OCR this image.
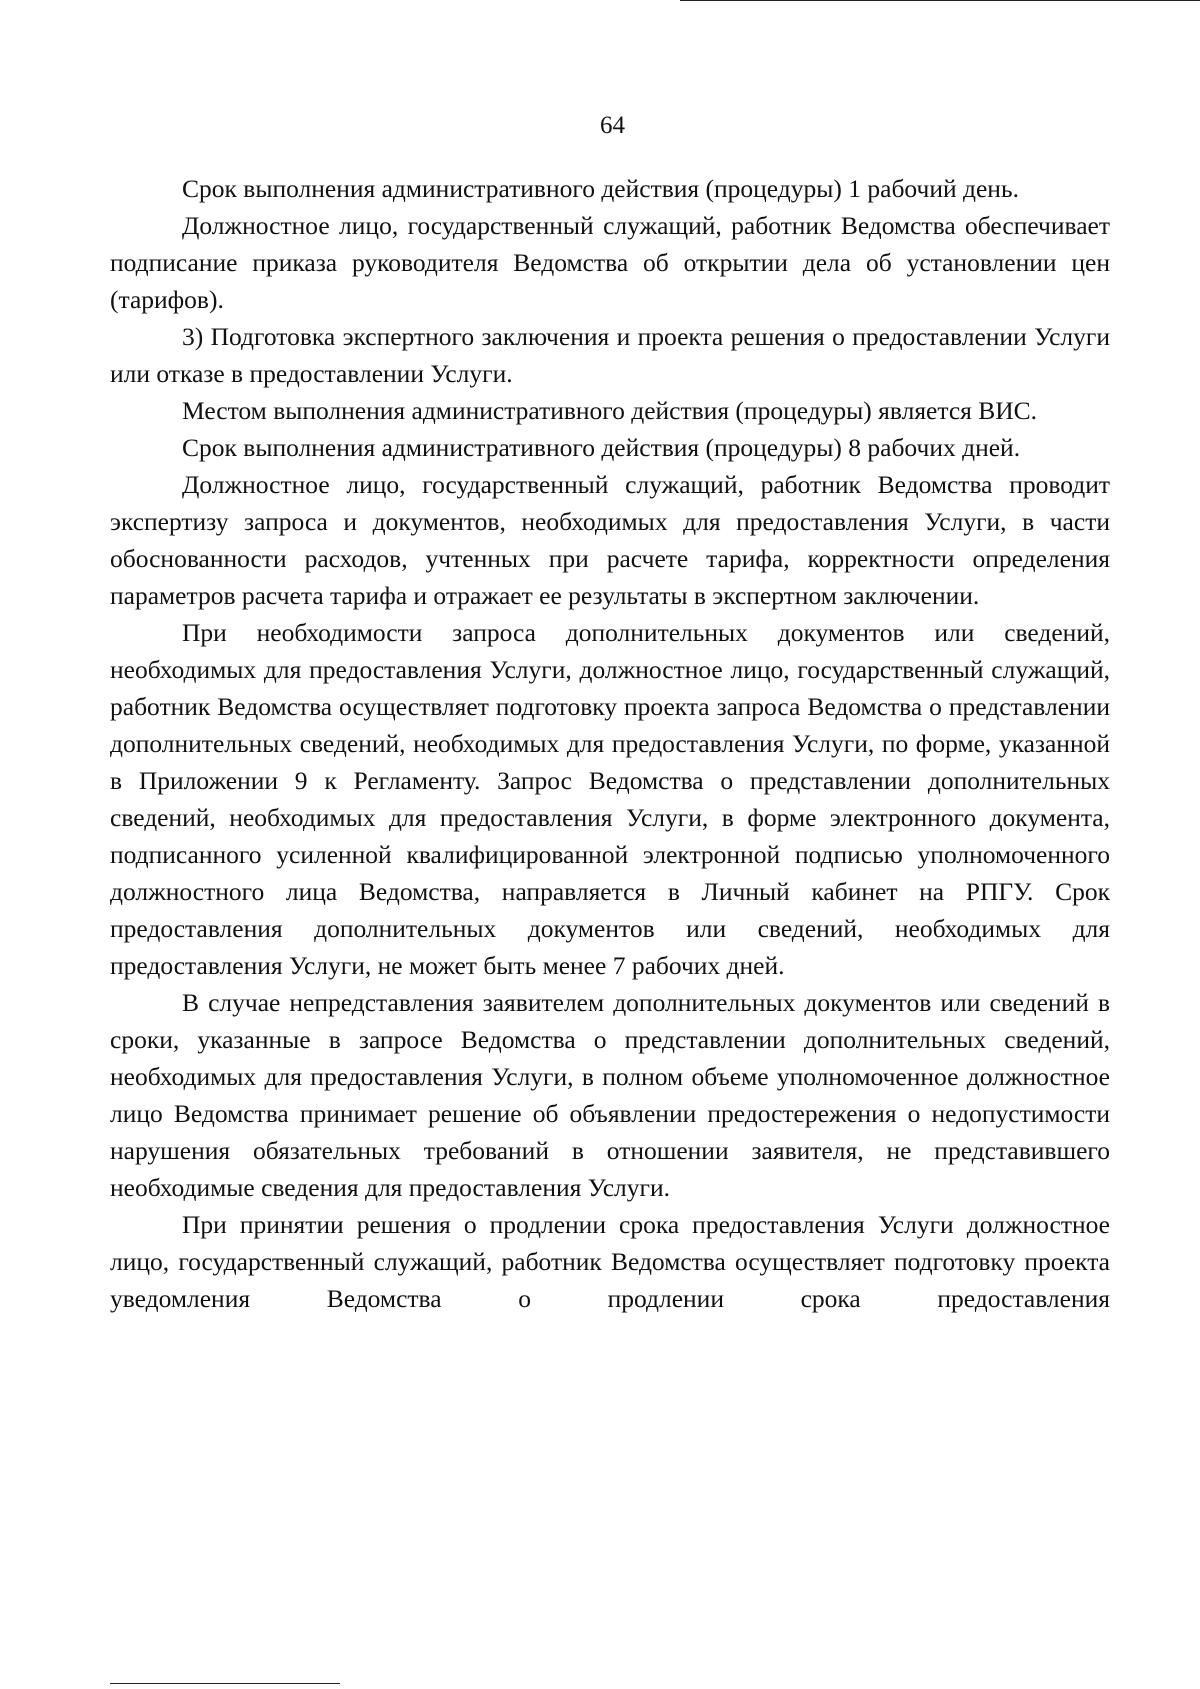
64

Срок выполнения административного действия (процедуры) 1 рабочий день.

Должностное лицо, государственный служащий, работник Ведомства обеспечивает подписание приказа руководителя Ведомства об открытии дела об установлении цен (тарифов).

3) Подготовка экспертного заключения и проекта решения о предоставлении Услуги или отказе в предоставлении Услуги.

Местом выполнения административного действия (процедуры) является ВИС.

Срок выполнения административного действия (процедуры) 8 рабочих дней.

Должностное лицо, государственный служащий, работник Ведомства проводит экспертизу запроса и документов, необходимых для предоставления Услуги, в части обоснованности расходов, учтенных при расчете тарифа, корректности определения параметров расчета тарифа и отражает ее результаты в экспертном заключении.

При необходимости запроса дополнительных документов или сведений, необходимых для предоставления Услуги, должностное лицо, государственный служащий, работник Ведомства осуществляет подготовку проекта запроса Ведомства о представлении дополнительных сведений, необходимых для предоставления Услуги, по форме, указанной в Приложении 9 к Регламенту. Запрос Ведомства о представлении дополнительных сведений, необходимых для предоставления Услуги, в форме электронного документа, подписанного усиленной квалифицированной электронной подписью уполномоченного должностного лица Ведомства, направляется в Личный кабинет на РПГУ. Срок предоставления дополнительных документов или сведений, необходимых для предоставления Услуги, не может быть менее 7 рабочих дней.

В случае непредставления заявителем дополнительных документов или сведений в сроки, указанные в запросе Ведомства о представлении дополнительных сведений, необходимых для предоставления Услуги, в полном объеме уполномоченное должностное лицо Ведомства принимает решение об объявлении предостережения о недопустимости нарушения обязательных требований в отношении заявителя, не представившего необходимые сведения для предоставления Услуги.

При принятии решения о продлении срока предоставления Услуги должностное лицо, государственный служащий, работник Ведомства осуществляет подготовку проекта уведомления Ведомства о продлении срока предоставления
